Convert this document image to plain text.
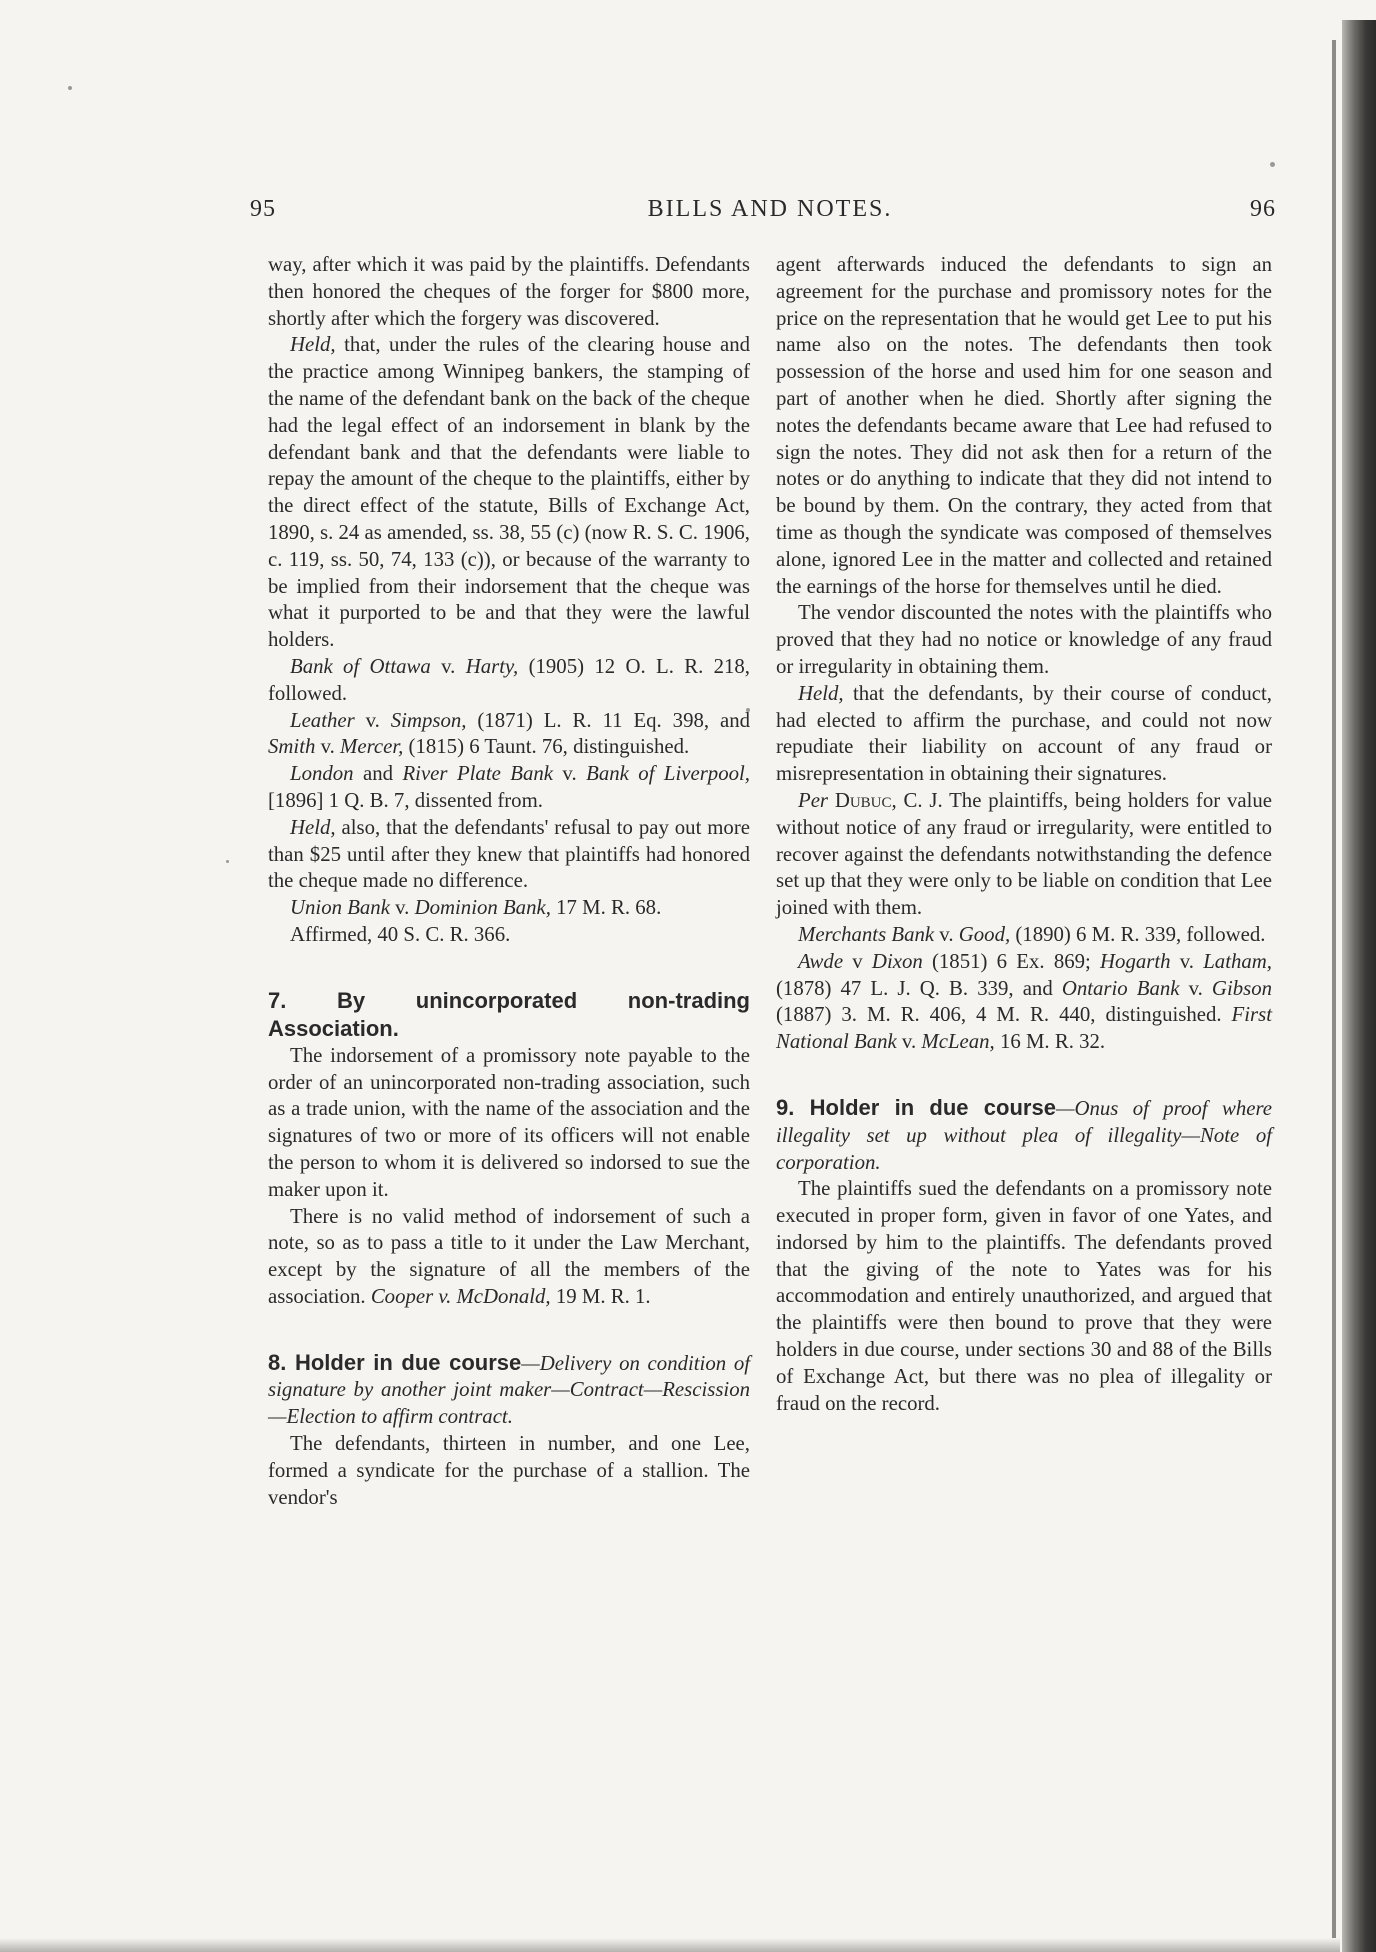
95	BILLS AND NOTES.	96

way, after which it was paid by the plaintiffs. Defendants then honored the cheques of the forger for $800 more, shortly after which the forgery was discovered.

Held, that, under the rules of the clearing house and the practice among Winnipeg bankers, the stamping of the name of the defendant bank on the back of the cheque had the legal effect of an indorsement in blank by the defendant bank and that the defendants were liable to repay the amount of the cheque to the plaintiffs, either by the direct effect of the statute, Bills of Exchange Act, 1890, s. 24 as amended, ss. 38, 55 (c) (now R. S. C. 1906, c. 119, ss. 50, 74, 133 (c)), or because of the warranty to be implied from their indorsement that the cheque was what it purported to be and that they were the lawful holders.

Bank of Ottawa v. Harty, (1905) 12 O. L. R. 218, followed.

Leather v. Simpson, (1871) L. R. 11 Eq. 398, and Smith v. Mercer, (1815) 6 Taunt. 76, distinguished.

London and River Plate Bank v. Bank of Liverpool, [1896] 1 Q. B. 7, dissented from.

Held, also, that the defendants' refusal to pay out more than $25 until after they knew that plaintiffs had honored the cheque made no difference.

Union Bank v. Dominion Bank, 17 M. R. 68.

Affirmed, 40 S. C. R. 366.

7. By unincorporated non-trading Association.

The indorsement of a promissory note payable to the order of an unincorporated non-trading association, such as a trade union, with the name of the association and the signatures of two or more of its officers will not enable the person to whom it is delivered so indorsed to sue the maker upon it.

There is no valid method of indorsement of such a note, so as to pass a title to it under the Law Merchant, except by the signature of all the members of the association. Cooper v. McDonald, 19 M. R. 1.

8. Holder in due course—Delivery on condition of signature by another joint maker—Contract—Rescission—Election to affirm contract.

The defendants, thirteen in number, and one Lee, formed a syndicate for the purchase of a stallion. The vendor's

agent afterwards induced the defendants to sign an agreement for the purchase and promissory notes for the price on the representation that he would get Lee to put his name also on the notes. The defendants then took possession of the horse and used him for one season and part of another when he died. Shortly after signing the notes the defendants became aware that Lee had refused to sign the notes. They did not ask then for a return of the notes or do anything to indicate that they did not intend to be bound by them. On the contrary, they acted from that time as though the syndicate was composed of themselves alone, ignored Lee in the matter and collected and retained the earnings of the horse for themselves until he died.

The vendor discounted the notes with the plaintiffs who proved that they had no notice or knowledge of any fraud or irregularity in obtaining them.

Held, that the defendants, by their course of conduct, had elected to affirm the purchase, and could not now repudiate their liability on account of any fraud or misrepresentation in obtaining their signatures.

Per Dubuc, C. J. The plaintiffs, being holders for value without notice of any fraud or irregularity, were entitled to recover against the defendants notwithstanding the defence set up that they were only to be liable on condition that Lee joined with them.

Merchants Bank v. Good, (1890) 6 M. R. 339, followed.

Awde v Dixon (1851) 6 Ex. 869; Hogarth v. Latham, (1878) 47 L. J. Q. B. 339, and Ontario Bank v. Gibson (1887) 3. M. R. 406, 4 M. R. 440, distinguished. First National Bank v. McLean, 16 M. R. 32.

9. Holder in due course—Onus of proof where illegality set up without plea of illegality—Note of corporation.

The plaintiffs sued the defendants on a promissory note executed in proper form, given in favor of one Yates, and indorsed by him to the plaintiffs. The defendants proved that the giving of the note to Yates was for his accommodation and entirely unauthorized, and argued that the plaintiffs were then bound to prove that they were holders in due course, under sections 30 and 88 of the Bills of Exchange Act, but there was no plea of illegality or fraud on the record.
